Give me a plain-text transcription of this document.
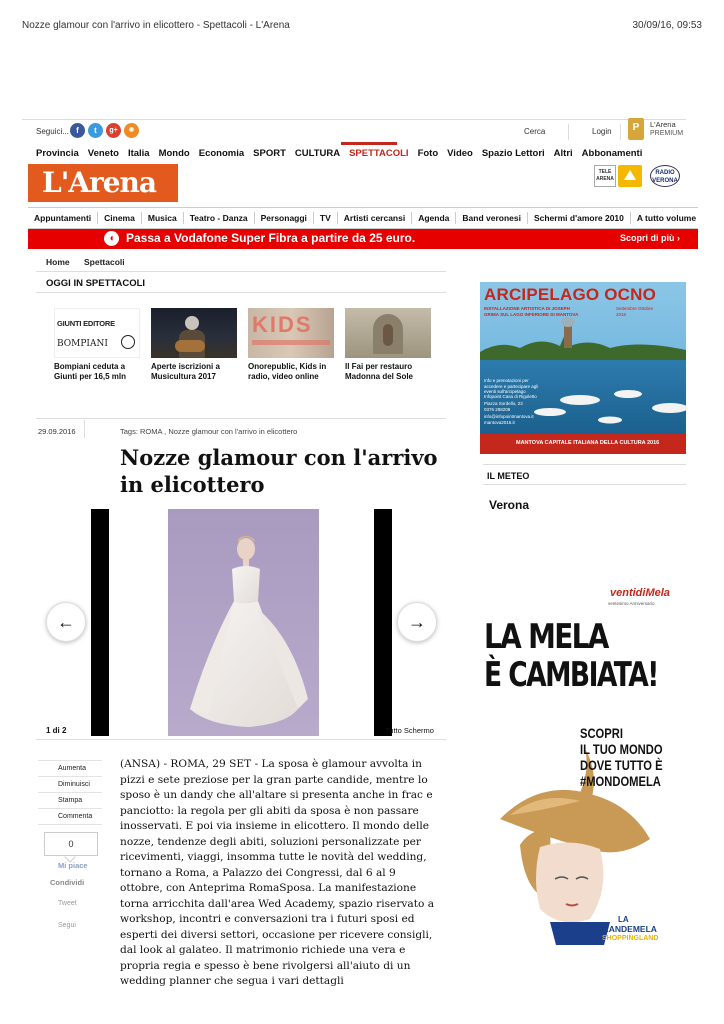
Nozze glamour con l'arrivo in elicottero - Spettacoli - L'Arena	30/09/16, 09:53
Seguici... f	t	g+	◉	Cerca	Login	P	L'Arena
PREMIUM
Provincia Veneto Italia Mondo Economia SPORT CULTURA SPETTACOLI Foto Video Spazio Lettori Altri Abbonamenti
L'Arena	TELE ARENA
RADIO VERONA
Appuntamenti	Cinema	Musica	Teatro - Danza	Personaggi	TV	Artisti cercansi	Agenda	Band veronesi	Schermi d'amore 2010	A tutto volume
◖ Passa a Vodafone Super Fibra a partire da 25 euro.	Scopri di più ›
Home Spettacoli
OGGI IN SPETTACOLI
GIUNTI EDITORE
BOMPIANI
Bompiani ceduta a Giunti per 16,5 mln
Aperte iscrizioni a Musicultura 2017
KIDS
Onorepublic, Kids in radio, video online
Il Fai per restauro Madonna del Sole
29.09.2016	Tags: ROMA , Nozze glamour con l'arrivo in elicottero
Nozze glamour con l'arrivo in elicottero
←	→
1 di 2	Tutto Schermo
Aumenta
Diminuisci
Stampa
Commenta
0
Mi piace
Condividi
Tweet
Segui
(ANSA) - ROMA, 29 SET - La sposa è glamour avvolta in pizzi e sete preziose per la gran parte candide, mentre lo sposo è un dandy che all'altare si presenta anche in frac e panciotto: la regola per gli abiti da sposa è non passare inosservati. E poi via insieme in elicottero. Il mondo delle nozze, tendenze degli abiti, soluzioni personalizzate per ricevimenti, viaggi, insomma tutte le novità del wedding, tornano a Roma, a Palazzo dei Congressi, dal 6 al 9 ottobre, con Anteprima RomaSposa. La manifestazione torna arricchita dall'area Wed Academy, spazio riservato a workshop, incontri e conversazioni tra i futuri sposi ed esperti dei diversi settori, occasione per ricevere consigli, dal look al galateo. Il matrimonio richiede una vera e propria regia e spesso è bene rivolgersi all'aiuto di un wedding planner che segua i vari dettagli
ARCIPELAGO OCNO
INSTALLAZIONE ARTISTICA DI JOSEPH GRIMA SUL LAGO INFERIORE DI MANTOVA
Settembre Ottobre 2016
Info e prenotazioni per accedere e partecipare agli eventi sull'arcipelago
Infopoint Casa di Rigoletto
Piazza Sordello, 23
0376 288208
info@infopointmantova.it
mantova2016.it
MANTOVA CAPITALE ITALIANA DELLA CULTURA 2016
IL METEO
Verona
ventidiMela
ventesimo Anniversario
LA MELA
È CAMBIATA!
SCOPRI
IL TUO MONDO
DOVE TUTTO È
#MONDOMELA
LA
GRANDEMELA
SHOPPINGLAND
